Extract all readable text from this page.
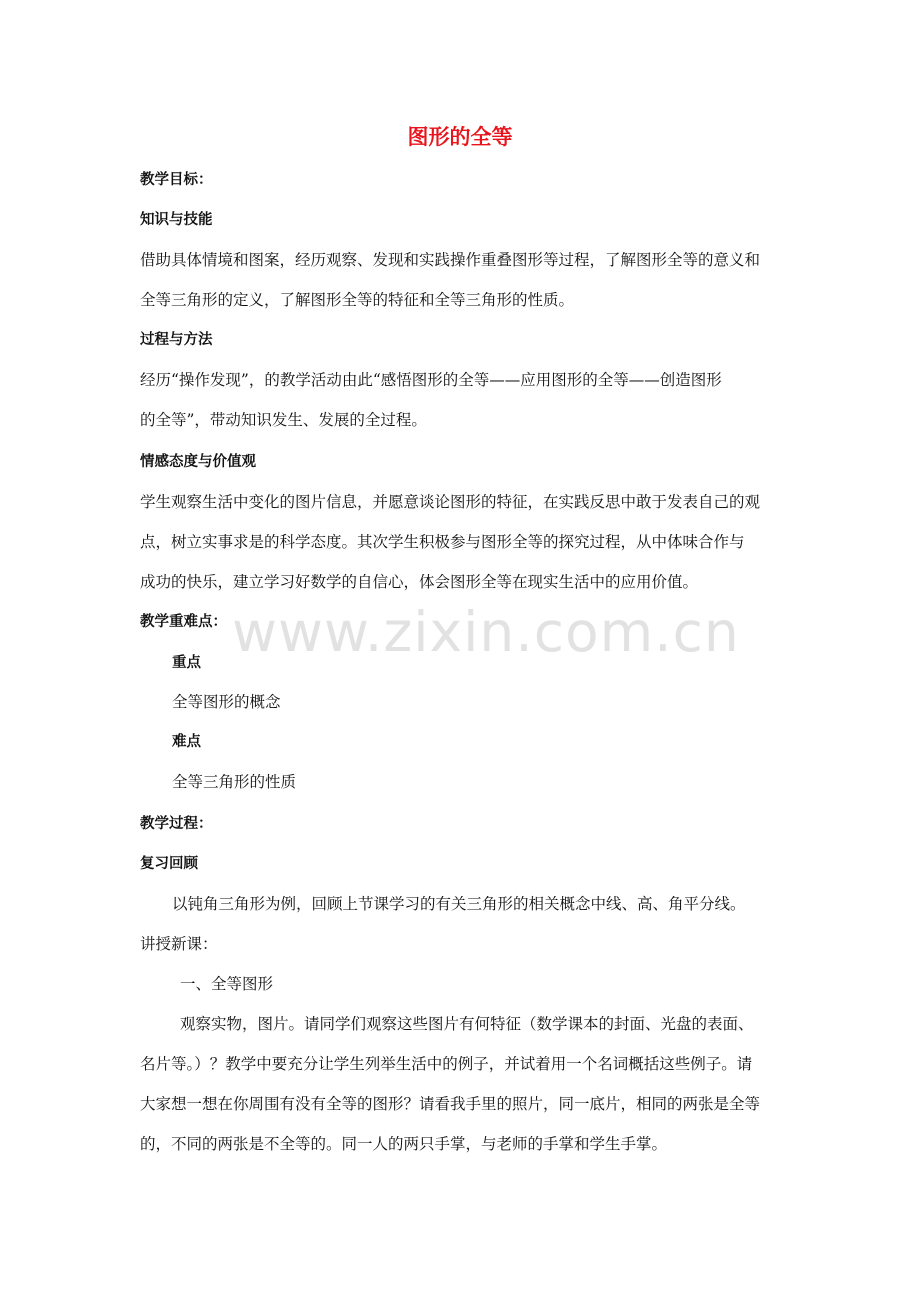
图形的全等
教学目标：
知识与技能
借助具体情境和图案，经历观察、发现和实践操作重叠图形等过程，了解图形全等的意义和
全等三角形的定义，了解图形全等的特征和全等三角形的性质。
过程与方法
经历“操作发现”，的教学活动由此“感悟图形的全等——应用图形的全等——创造图形
的全等”，带动知识发生、发展的全过程。
情感态度与价值观
学生观察生活中变化的图片信息，并愿意谈论图形的特征，在实践反思中敢于发表自己的观
点，树立实事求是的科学态度。其次学生积极参与图形全等的探究过程，从中体味合作与
成功的快乐，建立学习好数学的自信心，体会图形全等在现实生活中的应用价值。
教学重难点：
重点
全等图形的概念
难点
全等三角形的性质
教学过程：
复习回顾
以钝角三角形为例，回顾上节课学习的有关三角形的相关概念中线、高、角平分线。
讲授新课：
一、全等图形
观察实物，图片。请同学们观察这些图片有何特征（数学课本的封面、光盘的表面、
名片等。）？教学中要充分让学生列举生活中的例子，并试着用一个名词概括这些例子。请
大家想一想在你周围有没有全等的图形？请看我手里的照片，同一底片，相同的两张是全等
的，不同的两张是不全等的。同一人的两只手掌，与老师的手掌和学生手掌。
www.zixin.com.cn
